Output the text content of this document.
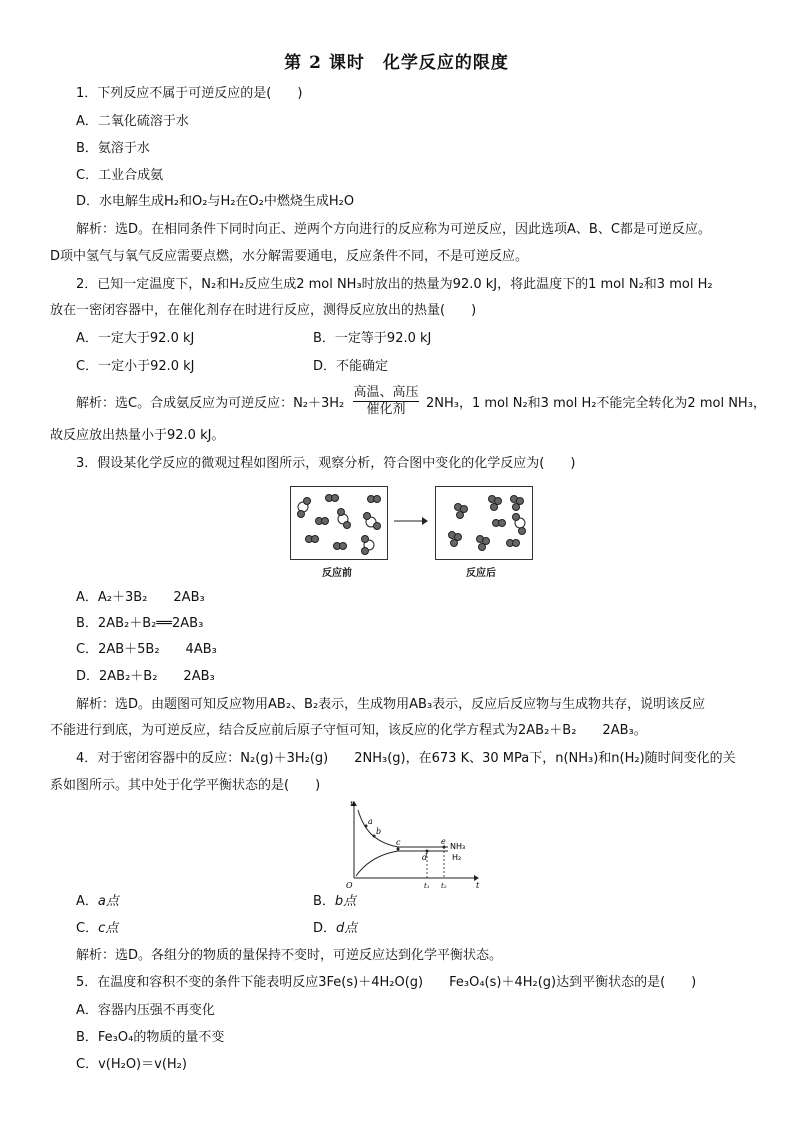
第 2 课时　化学反应的限度
1．下列反应不属于可逆反应的是(　　)
A．二氧化硫溶于水
B．氨溶于水
C．工业合成氨
D．水电解生成H₂和O₂与H₂在O₂中燃烧生成H₂O
解析：选D。在相同条件下同时向正、逆两个方向进行的反应称为可逆反应，因此选项A、B、C都是可逆反应。
D项中氢气与氧气反应需要点燃，水分解需要通电，反应条件不同，不是可逆反应。
2．已知一定温度下，N₂和H₂反应生成2 mol NH₃时放出的热量为92.0 kJ，将此温度下的1 mol N₂和3 mol H₂
放在一密闭容器中，在催化剂存在时进行反应，测得反应放出的热量(　　)
A．一定大于92.0 kJ	B．一定等于92.0 kJ
C．一定小于92.0 kJ	D．不能确定
解析：选C。合成氨反应为可逆反应：N₂＋3H₂
高温、高压
催化剂	2NH₃，1 mol N₂和3 mol H₂不能完全转化为2 mol NH₃，
故反应放出热量小于92.0 kJ。
3．假设某化学反应的微观过程如图所示，观察分析，符合图中变化的化学反应为(　　)
反应前	反应后
A．A₂＋3B₂　　2AB₃
B．2AB₂＋B₂══2AB₃
C．2AB＋5B₂　　4AB₃
D．2AB₂＋B₂　　2AB₃
解析：选D。由题图可知反应物用AB₂、B₂表示，生成物用AB₃表示，反应后反应物与生成物共存，说明该反应
不能进行到底，为可逆反应，结合反应前后原子守恒可知，该反应的化学方程式为2AB₂＋B₂　　2AB₃。
4．对于密闭容器中的反应：N₂(g)＋3H₂(g)　　2NH₃(g)，在673 K、30 MPa下，n(NH₃)和n(H₂)随时间变化的关
系如图所示。其中处于化学平衡状态的是(　　)
n
t
O
a
b
c
d
e
t₁ t₂
NH₃
H₂
A．a点	B．b点
C．c点	D．d点
解析：选D。各组分的物质的量保持不变时，可逆反应达到化学平衡状态。
5．在温度和容积不变的条件下能表明反应3Fe(s)＋4H₂O(g)　　Fe₃O₄(s)＋4H₂(g)达到平衡状态的是(　　)
A．容器内压强不再变化
B．Fe₃O₄的物质的量不变
C．v(H₂O)＝v(H₂)
